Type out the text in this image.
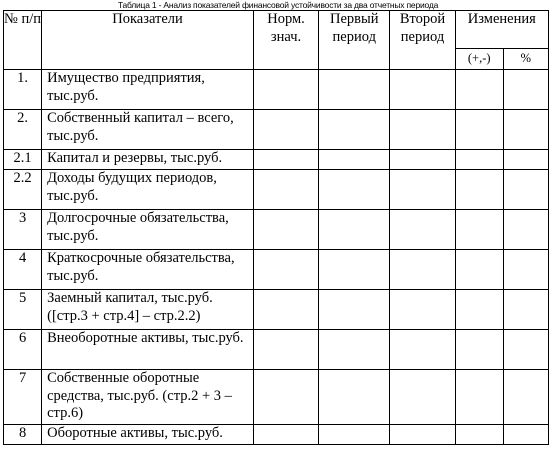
Таблица 1 - Анализ показателей финансовой устойчивости за два отчетных периода
№ п/п	Показатели	Норм. знач.	Первый период	Второй период	Изменения	
					(+,-)	%
1.	Имущество предприятия, тыс.руб.					
2.	Собственный капитал – всего, тыс.руб.					
2.1	Капитал и резервы, тыс.руб.					
2.2	Доходы будущих периодов, тыс.руб.					
3	Долгосрочные обязательства, тыс.руб.					
4	Краткосрочные обязательства, тыс.руб.					
5	Заемный капитал, тыс.руб. ([стр.3 + стр.4] – стр.2.2)					
6	Внеоборотные активы, тыс.руб.					
7	Собственные оборотные средства, тыс.руб. (стр.2 + 3 – стр.6)					
8	Оборотные активы, тыс.руб.					
